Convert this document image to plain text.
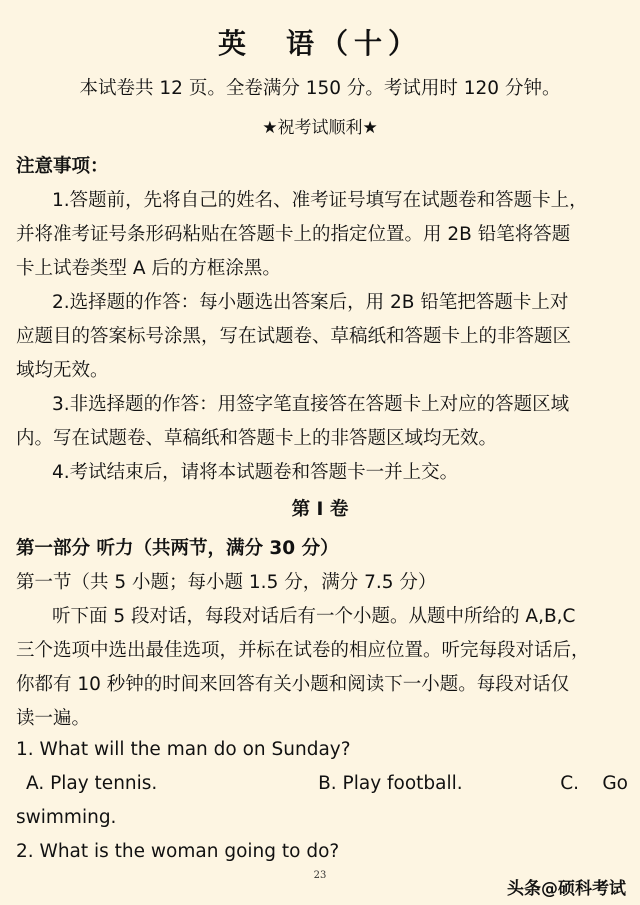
英　语（十）
本试卷共 12 页。全卷满分 150 分。考试用时 120 分钟。
★祝考试顺利★
注意事项：
1.答题前，先将自己的姓名、准考证号填写在试题卷和答题卡上，
并将准考证号条形码粘贴在答题卡上的指定位置。用 2B 铅笔将答题
卡上试卷类型 A 后的方框涂黑。
2.选择题的作答：每小题选出答案后，用 2B 铅笔把答题卡上对
应题目的答案标号涂黑，写在试题卷、草稿纸和答题卡上的非答题区
域均无效。
3.非选择题的作答：用签字笔直接答在答题卡上对应的答题区域
内。写在试题卷、草稿纸和答题卡上的非答题区域均无效。
4.考试结束后，请将本试题卷和答题卡一并上交。
第 I 卷
第一部分 听力（共两节，满分 30 分）
第一节（共 5 小题；每小题 1.5 分，满分 7.5 分）
听下面 5 段对话，每段对话后有一个小题。从题中所给的 A,B,C
三个选项中选出最佳选项，并标在试卷的相应位置。听完每段对话后，
你都有 10 秒钟的时间来回答有关小题和阅读下一小题。每段对话仅
读一遍。
1. What will the man do on Sunday?
A. Play tennis.	B. Play football.	C.	Go
swimming.
2. What is the woman going to do?
23
头条@硕科考试
